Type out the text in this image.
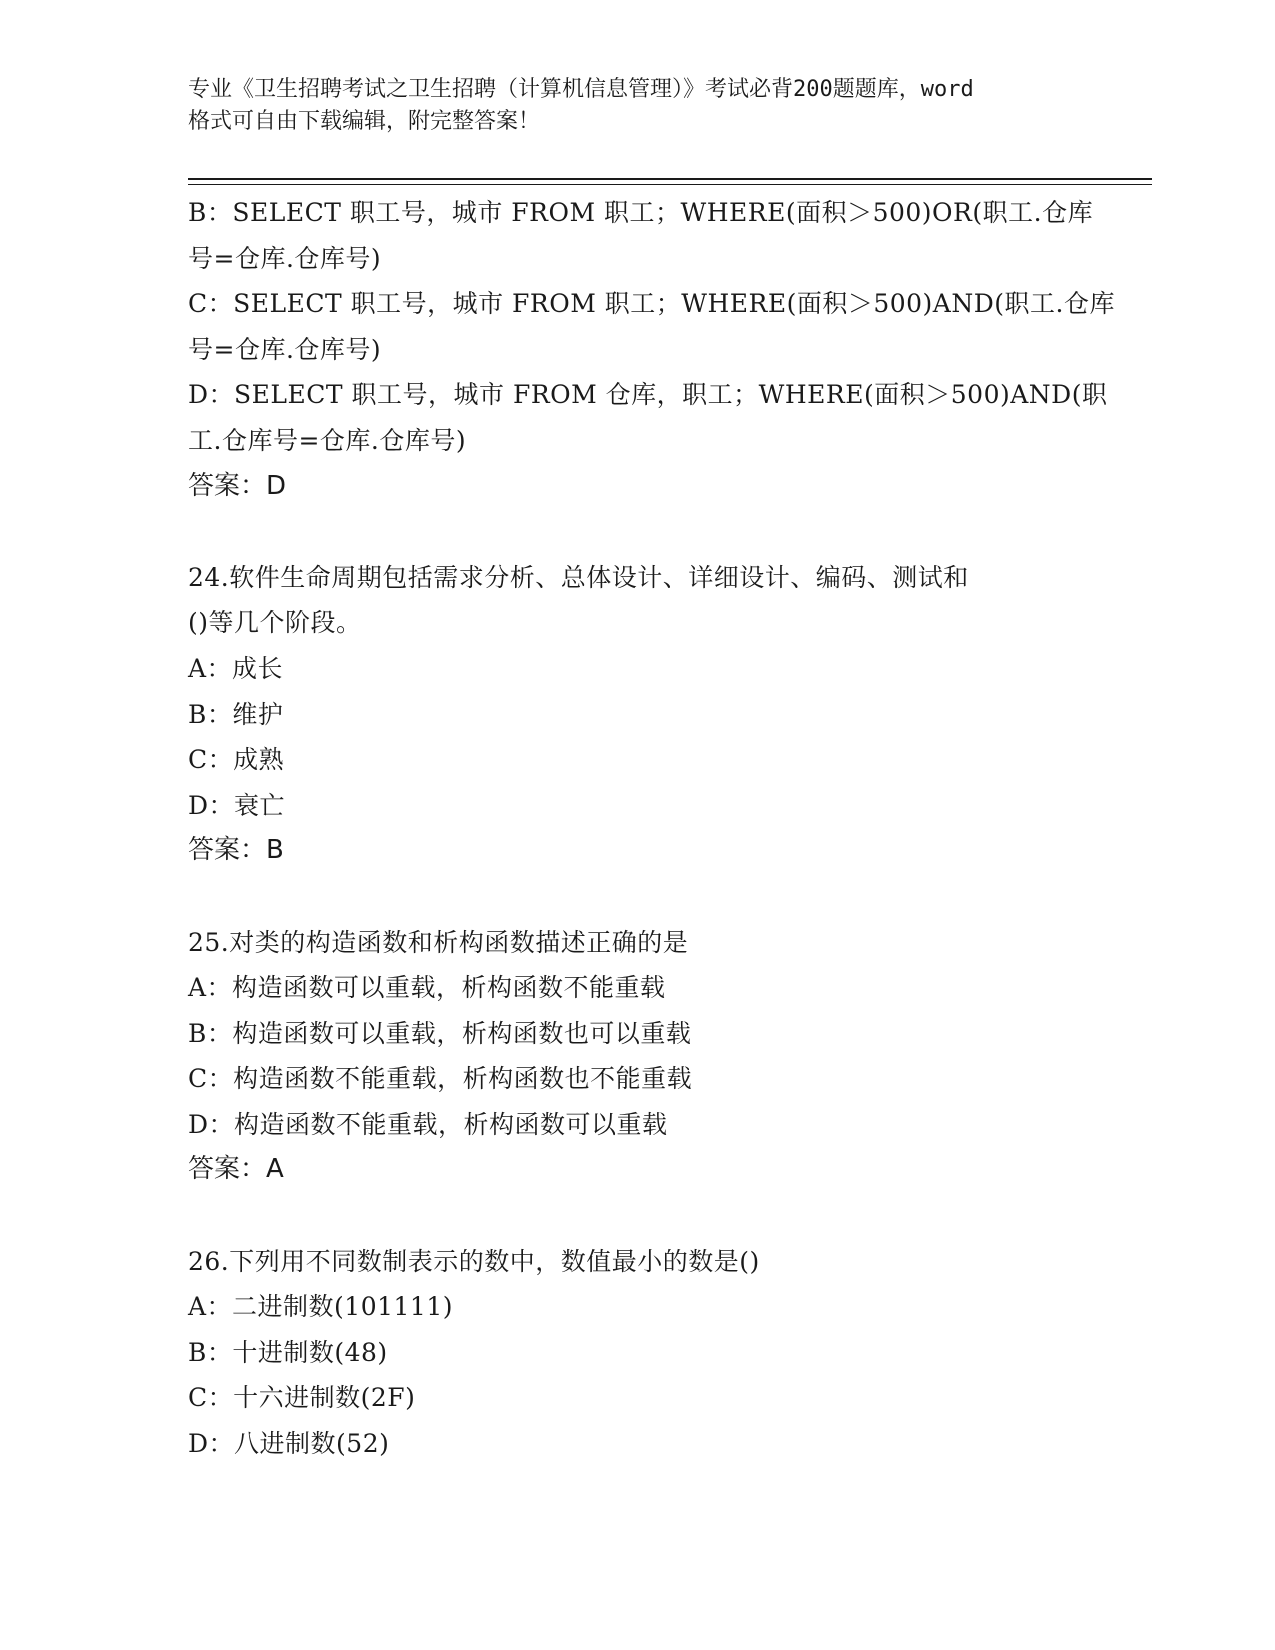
专业《卫生招聘考试之卫生招聘（计算机信息管理）》考试必背200题题库，word
格式可自由下载编辑，附完整答案！
B：SELECT 职工号，城市 FROM 职工；WHERE(面积＞500)OR(职工.仓库
号=仓库.仓库号)
C：SELECT 职工号，城市 FROM 职工；WHERE(面积＞500)AND(职工.仓库
号=仓库.仓库号)
D：SELECT 职工号，城市 FROM 仓库，职工；WHERE(面积＞500)AND(职
工.仓库号=仓库.仓库号)
答案：D
24.软件生命周期包括需求分析、总体设计、详细设计、编码、测试和
()等几个阶段。
A：成长
B：维护
C：成熟
D：衰亡
答案：B
25.对类的构造函数和析构函数描述正确的是
A：构造函数可以重载，析构函数不能重载
B：构造函数可以重载，析构函数也可以重载
C：构造函数不能重载，析构函数也不能重载
D：构造函数不能重载，析构函数可以重载
答案：A
26.下列用不同数制表示的数中，数值最小的数是()
A：二进制数(101111)
B：十进制数(48)
C：十六进制数(2F)
D：八进制数(52)
